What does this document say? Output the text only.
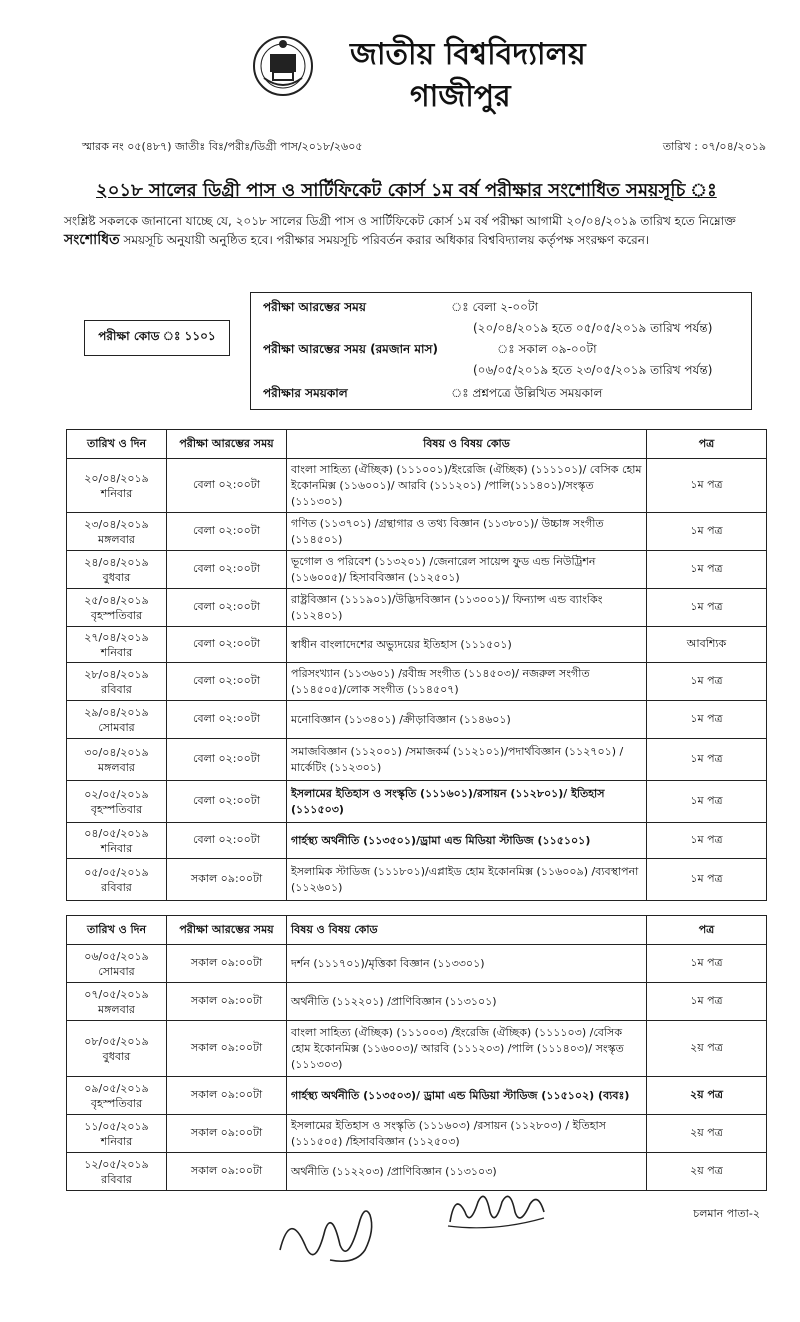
জাতীয় বিশ্ববিদ্যালয়
গাজীপুর
স্মারক নং ০৫(৪৮৭) জাতীঃ বিঃ/পরীঃ/ডিগ্রী পাস/২০১৮/২৬০৫	তারিখ : ০৭/০৪/২০১৯
২০১৮ সালের ডিগ্রী পাস ও সার্টিফিকেট কোর্স ১ম বর্ষ পরীক্ষার সংশোধিত সময়সূচি ঃ
সংশ্লিষ্ট সকলকে জানানো যাচ্ছে যে, ২০১৮ সালের ডিগ্রী পাস ও সার্টিফিকেট কোর্স ১ম বর্ষ পরীক্ষা আগামী ২০/০৪/২০১৯ তারিখ হতে নিম্নোক্ত সংশোধিত সময়সূচি অনুযায়ী অনুষ্ঠিত হবে। পরীক্ষার সময়সূচি পরিবর্তন করার অধিকার বিশ্ববিদ্যালয় কর্তৃপক্ষ সংরক্ষণ করেন।
পরীক্ষা কোড ঃ ১১০১
পরীক্ষা আরম্ভের সময়	ঃ বেলা ২-০০টা
(২০/০৪/২০১৯ হতে ০৫/০৫/২০১৯ তারিখ পর্যন্ত)
পরীক্ষা আরম্ভের সময় (রমজান মাস)	ঃ সকাল ০৯-০০টা
(০৬/০৫/২০১৯ হতে ২৩/০৫/২০১৯ তারিখ পর্যন্ত)
পরীক্ষার সময়কাল	ঃ প্রশ্নপত্রে উল্লিখিত সময়কাল
তারিখ ও দিন	পরীক্ষা আরম্ভের সময়	বিষয় ও বিষয় কোড	পত্র

২০/০৪/২০১৯
শনিবার	বেলা ০২:০০টা	বাংলা সাহিত্য (ঐচ্ছিক) (১১১০০১)/ইংরেজি (ঐচ্ছিক) (১১১১০১)/ বেসিক হোম ইকোনমিক্স (১১৬০০১)/ আরবি (১১১২০১) /পালি(১১১৪০১)/সংস্কৃত (১১১৩০১)	১ম পত্র

২৩/০৪/২০১৯
মঙ্গলবার	বেলা ০২:০০টা	গণিত (১১৩৭০১) /গ্রন্থাগার ও তথ্য বিজ্ঞান (১১৩৮০১)/ উচ্চাঙ্গ সংগীত (১১৪৫০১)	১ম পত্র

২৪/০৪/২০১৯
বুধবার	বেলা ০২:০০টা	ভূগোল ও পরিবেশ (১১৩২০১) /জেনারেল সায়েন্স ফুড এন্ড নিউট্রিশন (১১৬০০৫)/ হিসাববিজ্ঞান (১১২৫০১)	১ম পত্র

২৫/০৪/২০১৯
বৃহস্পতিবার	বেলা ০২:০০টা	রাষ্ট্রবিজ্ঞান (১১১৯০১)/উদ্ভিদবিজ্ঞান (১১৩০০১)/ ফিন্যান্স এন্ড ব্যাংকিং (১১২৪০১)	১ম পত্র

২৭/০৪/২০১৯
শনিবার	বেলা ০২:০০টা	স্বাধীন বাংলাদেশের অভ্যুদয়ের ইতিহাস (১১১৫০১)	আবশ্যিক

২৮/০৪/২০১৯
রবিবার	বেলা ০২:০০টা	পরিসংখ্যান (১১৩৬০১) /রবীন্দ্র সংগীত (১১৪৫০৩)/ নজরুল সংগীত (১১৪৫০৫)/লোক সংগীত (১১৪৫০৭)	১ম পত্র

২৯/০৪/২০১৯
সোমবার	বেলা ০২:০০টা	মনোবিজ্ঞান (১১৩৪০১) /ক্রীড়াবিজ্ঞান (১১৪৬০১)	১ম পত্র

৩০/০৪/২০১৯
মঙ্গলবার	বেলা ০২:০০টা	সমাজবিজ্ঞান (১১২০০১) /সমাজকর্ম (১১২১০১)/পদার্থবিজ্ঞান (১১২৭০১) /মার্কেটিং (১১২৩০১)	১ম পত্র

০২/০৫/২০১৯
বৃহস্পতিবার	বেলা ০২:০০টা	ইসলামের ইতিহাস ও সংস্কৃতি (১১১৬০১)/রসায়ন (১১২৮০১)/ ইতিহাস (১১১৫০৩)	১ম পত্র

০৪/০৫/২০১৯
শনিবার	বেলা ০২:০০টা	গার্হস্থ্য অর্থনীতি (১১৩৫০১)/ড্রামা এন্ড মিডিয়া স্টাডিজ (১১৫১০১)	১ম পত্র

০৫/০৫/২০১৯
রবিবার	সকাল ০৯:০০টা	ইসলামিক স্টাডিজ (১১১৮০১)/এপ্লাইড হোম ইকোনমিক্স (১১৬০০৯) /ব্যবস্থাপনা (১১২৬০১)	১ম পত্র
তারিখ ও দিন	পরীক্ষা আরম্ভের সময়	বিষয় ও বিষয় কোড	পত্র

০৬/০৫/২০১৯
সোমবার	সকাল ০৯:০০টা	দর্শন (১১১৭০১)/মৃত্তিকা বিজ্ঞান (১১৩৩০১)	১ম পত্র

০৭/০৫/২০১৯
মঙ্গলবার	সকাল ০৯:০০টা	অর্থনীতি (১১২২০১) /প্রাণিবিজ্ঞান (১১৩১০১)	১ম পত্র

০৮/০৫/২০১৯
বুধবার	সকাল ০৯:০০টা	বাংলা সাহিত্য (ঐচ্ছিক) (১১১০০৩) /ইংরেজি (ঐচ্ছিক) (১১১১০৩) /বেসিক হোম ইকোনমিক্স (১১৬০০৩)/ আরবি (১১১২০৩) /পালি (১১১৪০৩)/ সংস্কৃত (১১১৩০৩)	২য় পত্র

০৯/০৫/২০১৯
বৃহস্পতিবার	সকাল ০৯:০০টা	গার্হস্থ্য অর্থনীতি (১১৩৫০৩)/ ড্রামা এন্ড মিডিয়া স্টাডিজ (১১৫১০২) (ব্যবঃ)	২য় পত্র

১১/০৫/২০১৯
শনিবার	সকাল ০৯:০০টা	ইসলামের ইতিহাস ও সংস্কৃতি (১১১৬০৩) /রসায়ন (১১২৮০৩) / ইতিহাস (১১১৫০৫) /হিসাববিজ্ঞান (১১২৫০৩)	২য় পত্র

১২/০৫/২০১৯
রবিবার	সকাল ০৯:০০টা	অর্থনীতি (১১২২০৩) /প্রাণিবিজ্ঞান (১১৩১০৩)	২য় পত্র
চলমান পাতা-২
